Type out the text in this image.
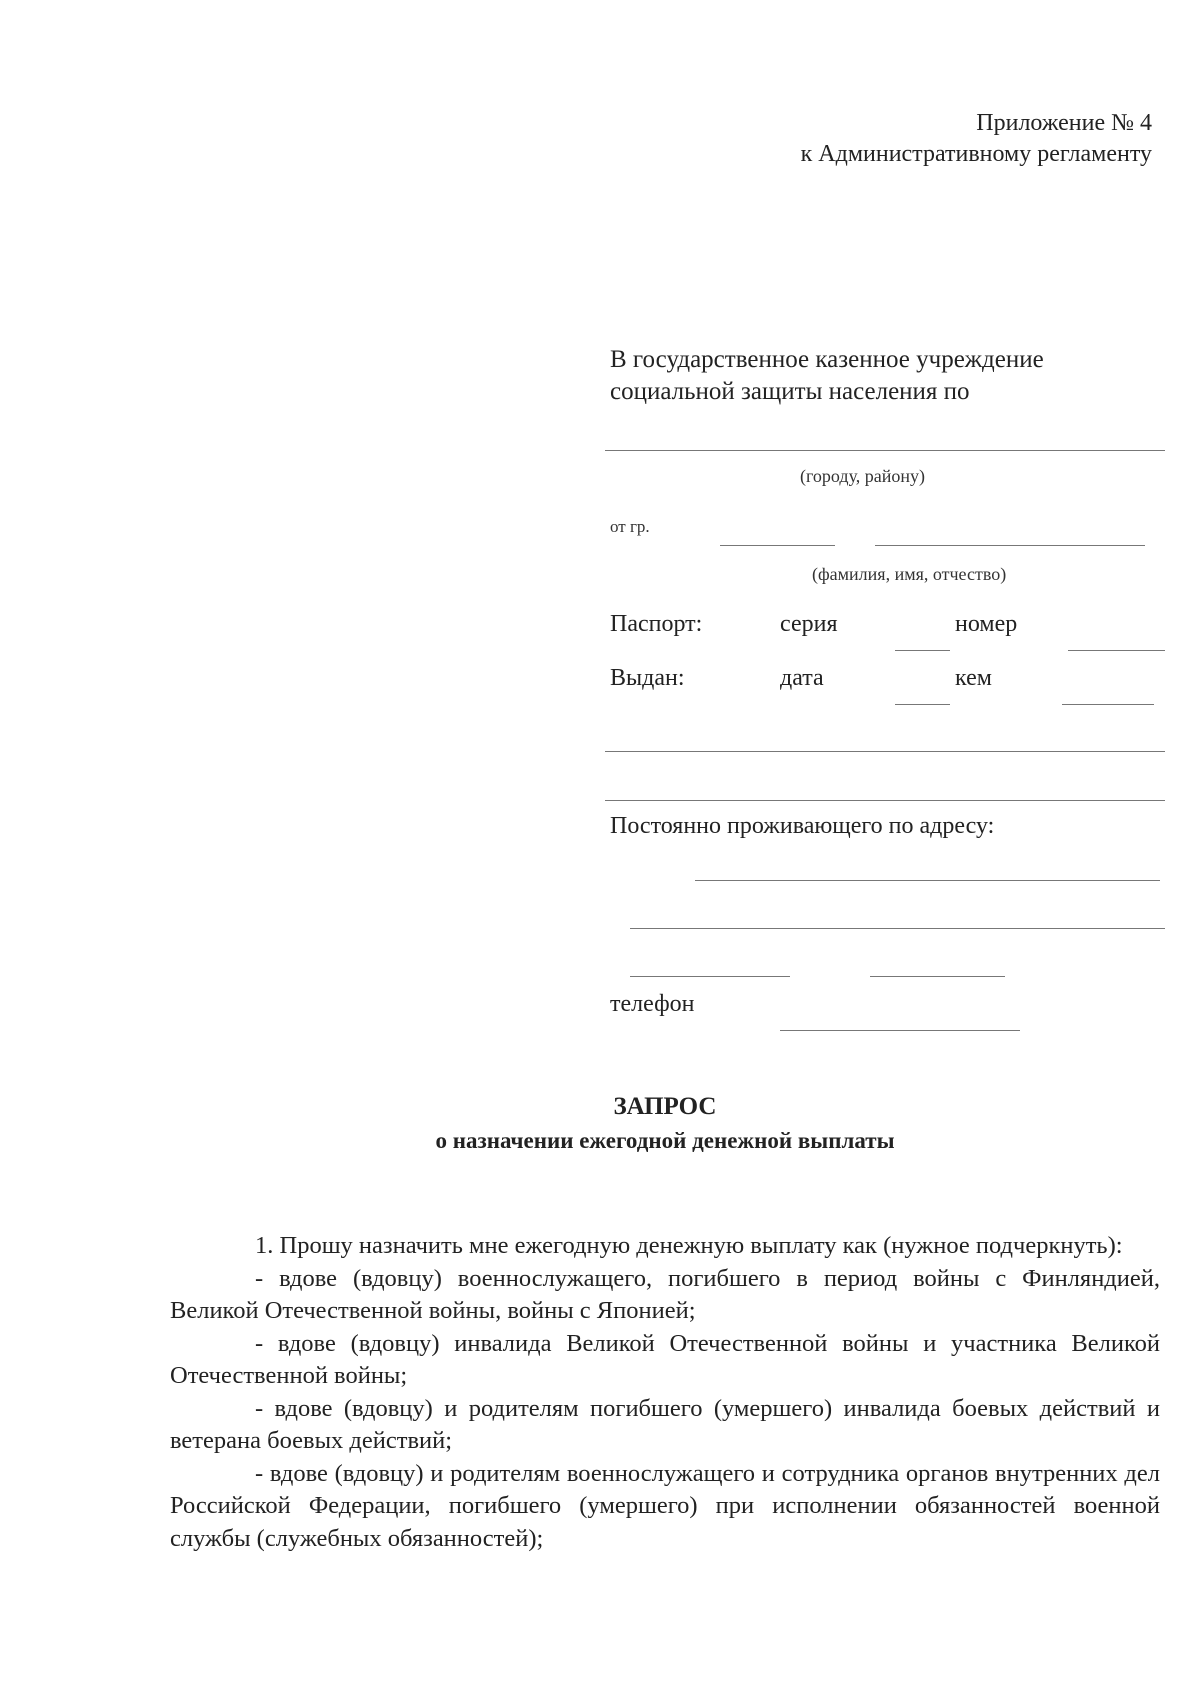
Приложение № 4
к Административному регламенту
В государственное казенное учреждение
социальной защиты населения по
(городу, району)
от гр.
(фамилия, имя, отчество)
Паспорт:	серия	номер
Выдан:	дата	кем
Постоянно проживающего по адресу:
телефон
ЗАПРОС
о назначении ежегодной денежной выплаты

1. Прошу назначить мне ежегодную денежную выплату как (нужное подчеркнуть):

- вдове (вдовцу) военнослужащего, погибшего в период войны с Финляндией, Великой Отечественной войны, войны с Японией;

- вдове (вдовцу) инвалида Великой Отечественной войны и участника Великой Отечественной войны;

- вдове (вдовцу) и родителям погибшего (умершего) инвалида боевых действий и ветерана боевых действий;

- вдове (вдовцу) и родителям военнослужащего и сотрудника органов внутренних дел Российской Федерации, погибшего (умершего) при исполнении обязанностей военной службы (служебных обязанностей);
